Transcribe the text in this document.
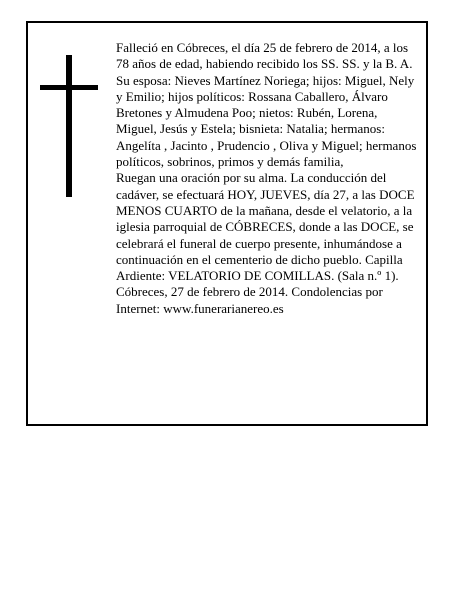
Falleció en Cóbreces, el día 25 de febrero de 2014, a los 78 años de edad, habiendo recibido los SS. SS. y la B. A.

Su esposa: Nieves Martínez Noriega; hijos: Miguel, Nely y Emilio; hijos políticos: Rossana Caballero, Álvaro Bretones y Almudena Poo; nietos: Rubén, Lorena, Miguel, Jesús y Estela; bisnieta: Natalia; hermanos: Angelíta , Jacinto , Prudencio , Oliva y Miguel; hermanos políticos, sobrinos, primos y demás familia,

Ruegan una oración por su alma. La conducción del cadáver, se efectuará HOY, JUEVES, día 27, a las DOCE MENOS CUARTO de la mañana, desde el velatorio, a la iglesia parroquial de CÓBRECES, donde a las DOCE, se celebrará el funeral de cuerpo presente, inhumándose a continuación en el cementerio de dicho pueblo. Capilla Ardiente: VELATORIO DE COMILLAS. (Sala n.º 1).

Cóbreces, 27 de febrero de 2014. Condolencias por Internet: www.funerarianereo.es
